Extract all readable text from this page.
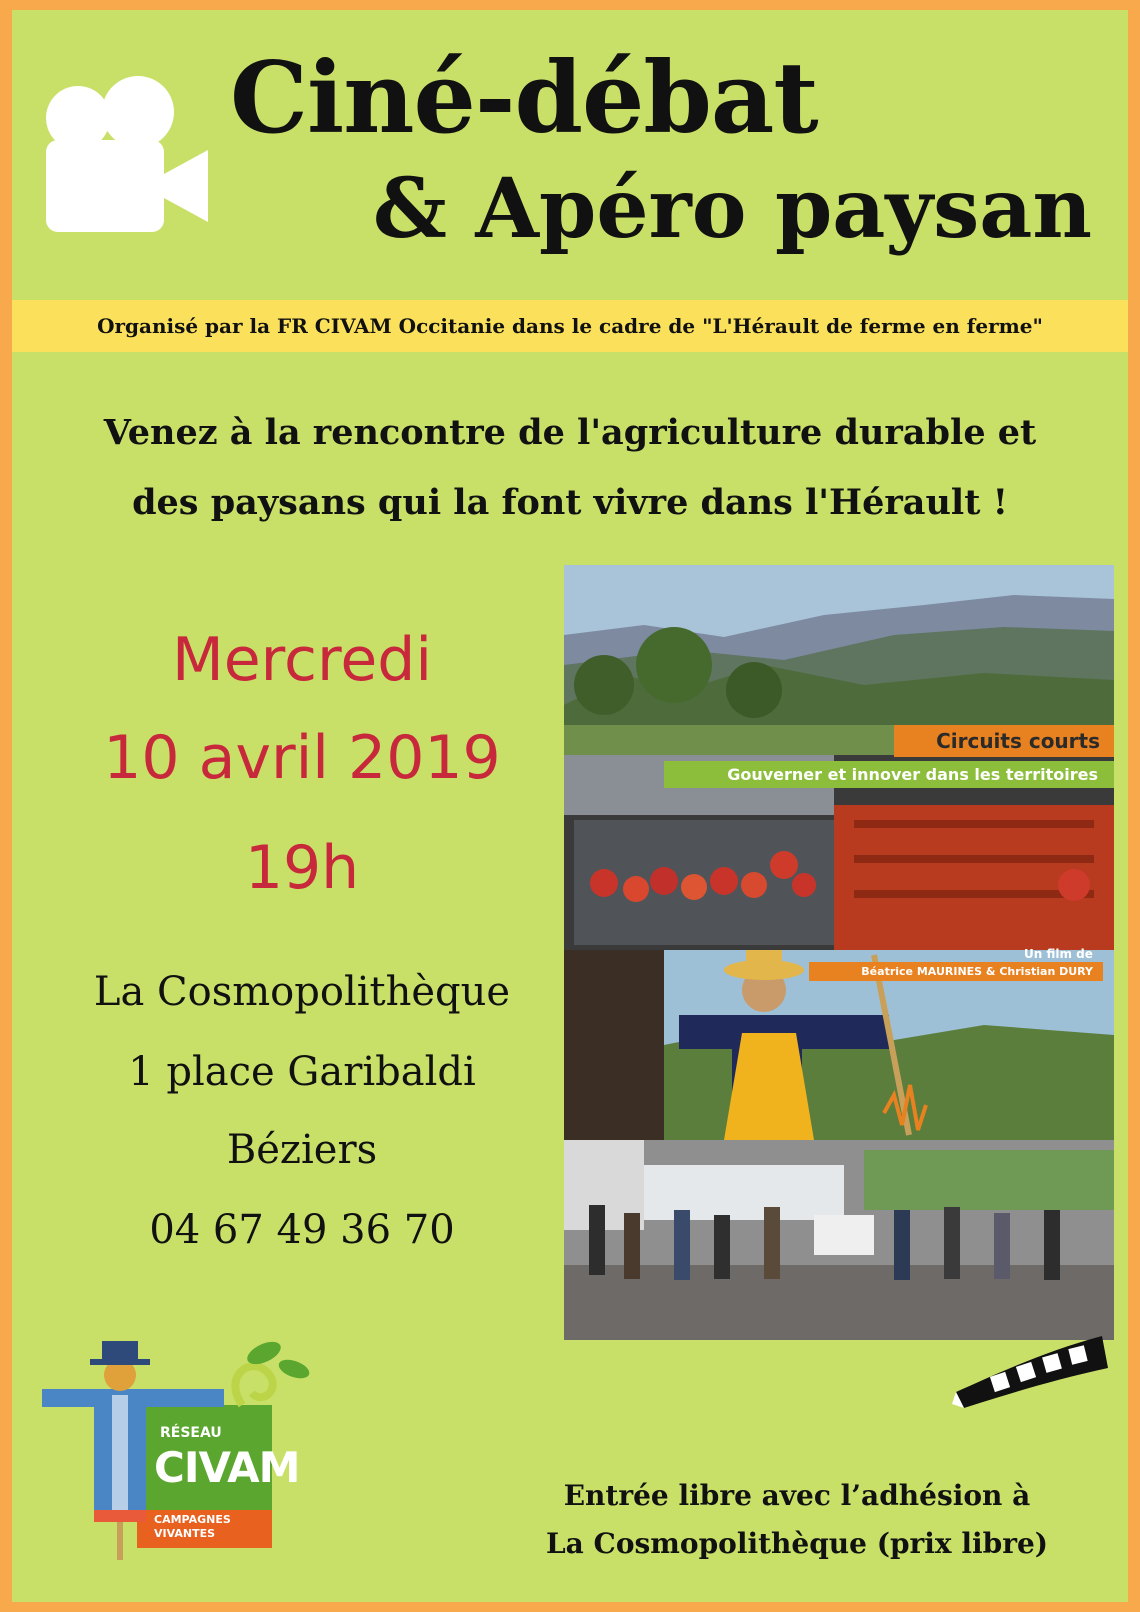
Ciné-débat
& Apéro paysan
Organisé par la FR CIVAM Occitanie dans le cadre de "L'Hérault de ferme en ferme"
Venez à la rencontre de l'agriculture durable et
des paysans qui la font vivre dans l'Hérault !
Mercredi
10 avril 2019
19h
La Cosmopolithèque
1 place Garibaldi
Béziers
04 67 49 36 70
Circuits courts
Gouverner et innover dans les territoires
Un film de
Béatrice MAURINES & Christian DURY
RÉSEAU
CIVAM
CAMPAGNES
VIVANTES
Entrée libre avec l’adhésion à
La Cosmopolithèque (prix libre)
